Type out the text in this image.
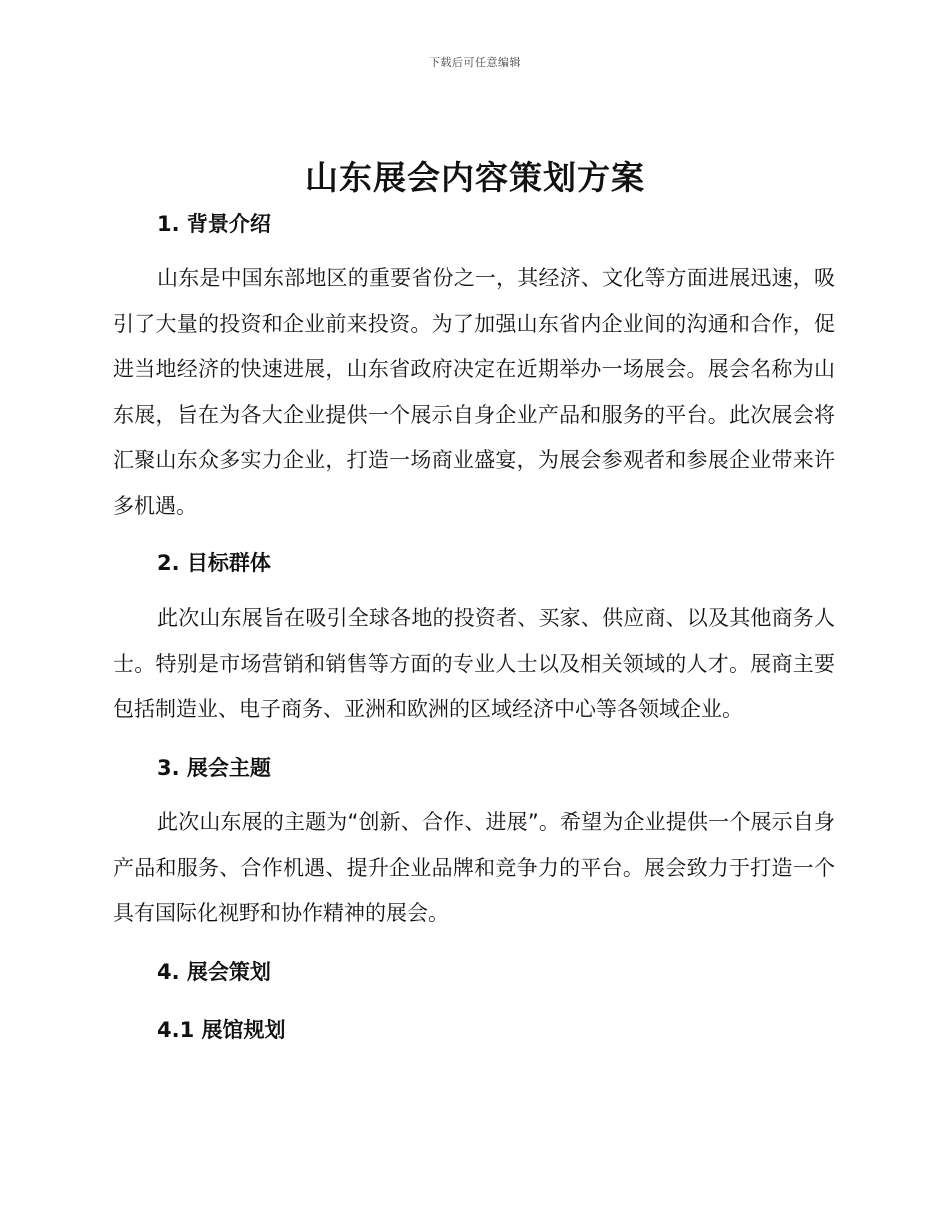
下载后可任意编辑
山东展会内容策划方案
1. 背景介绍

山东是中国东部地区的重要省份之一，其经济、文化等方面进展迅速，吸引了大量的投资和企业前来投资。为了加强山东省内企业间的沟通和合作，促进当地经济的快速进展，山东省政府决定在近期举办一场展会。展会名称为山东展，旨在为各大企业提供一个展示自身企业产品和服务的平台。此次展会将汇聚山东众多实力企业，打造一场商业盛宴，为展会参观者和参展企业带来许多机遇。

2. 目标群体

此次山东展旨在吸引全球各地的投资者、买家、供应商、以及其他商务人士。特别是市场营销和销售等方面的专业人士以及相关领域的人才。展商主要包括制造业、电子商务、亚洲和欧洲的区域经济中心等各领域企业。

3. 展会主题

此次山东展的主题为“创新、合作、进展”。希望为企业提供一个展示自身产品和服务、合作机遇、提升企业品牌和竞争力的平台。展会致力于打造一个具有国际化视野和协作精神的展会。

4. 展会策划
4.1 展馆规划
